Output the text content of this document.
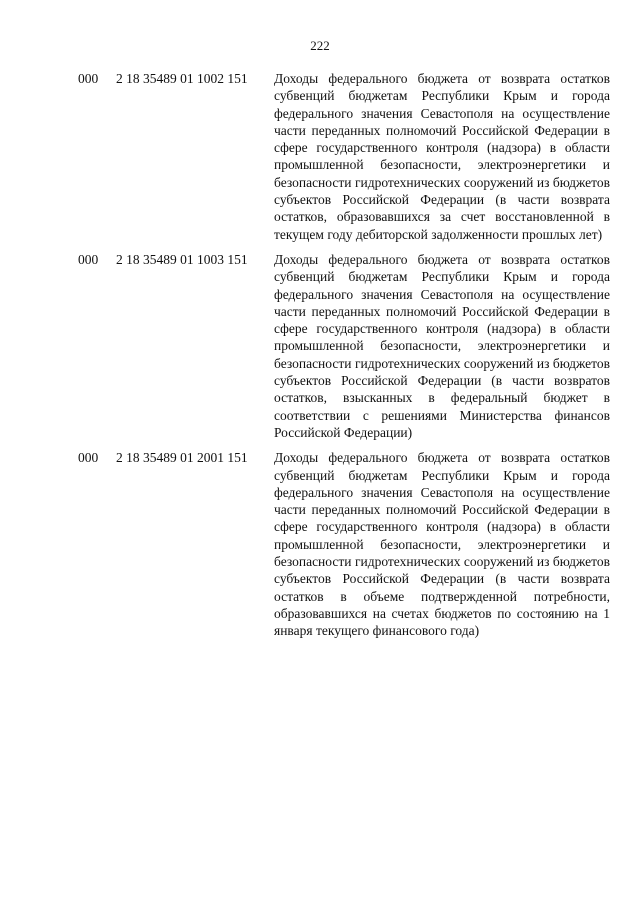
222
000 2 18 35489 01 1002 151 Доходы федерального бюджета от возврата остатков субвенций бюджетам Республики Крым и города федерального значения Севастополя на осуществление части переданных полномочий Российской Федерации в сфере государственного контроля (надзора) в области промышленной безопасности, электроэнергетики и безопасности гидротехнических сооружений из бюджетов субъектов Российской Федерации (в части возврата остатков, образовавшихся за счет восстановленной в текущем году дебиторской задолженности прошлых лет)
000 2 18 35489 01 1003 151 Доходы федерального бюджета от возврата остатков субвенций бюджетам Республики Крым и города федерального значения Севастополя на осуществление части переданных полномочий Российской Федерации в сфере государственного контроля (надзора) в области промышленной безопасности, электроэнергетики и безопасности гидротехнических сооружений из бюджетов субъектов Российской Федерации (в части возвратов остатков, взысканных в федеральный бюджет в соответствии с решениями Министерства финансов Российской Федерации)
000 2 18 35489 01 2001 151 Доходы федерального бюджета от возврата остатков субвенций бюджетам Республики Крым и города федерального значения Севастополя на осуществление части переданных полномочий Российской Федерации в сфере государственного контроля (надзора) в области промышленной безопасности, электроэнергетики и безопасности гидротехнических сооружений из бюджетов субъектов Российской Федерации (в части возврата остатков в объеме подтвержденной потребности, образовавшихся на счетах бюджетов по состоянию на 1 января текущего финансового года)
